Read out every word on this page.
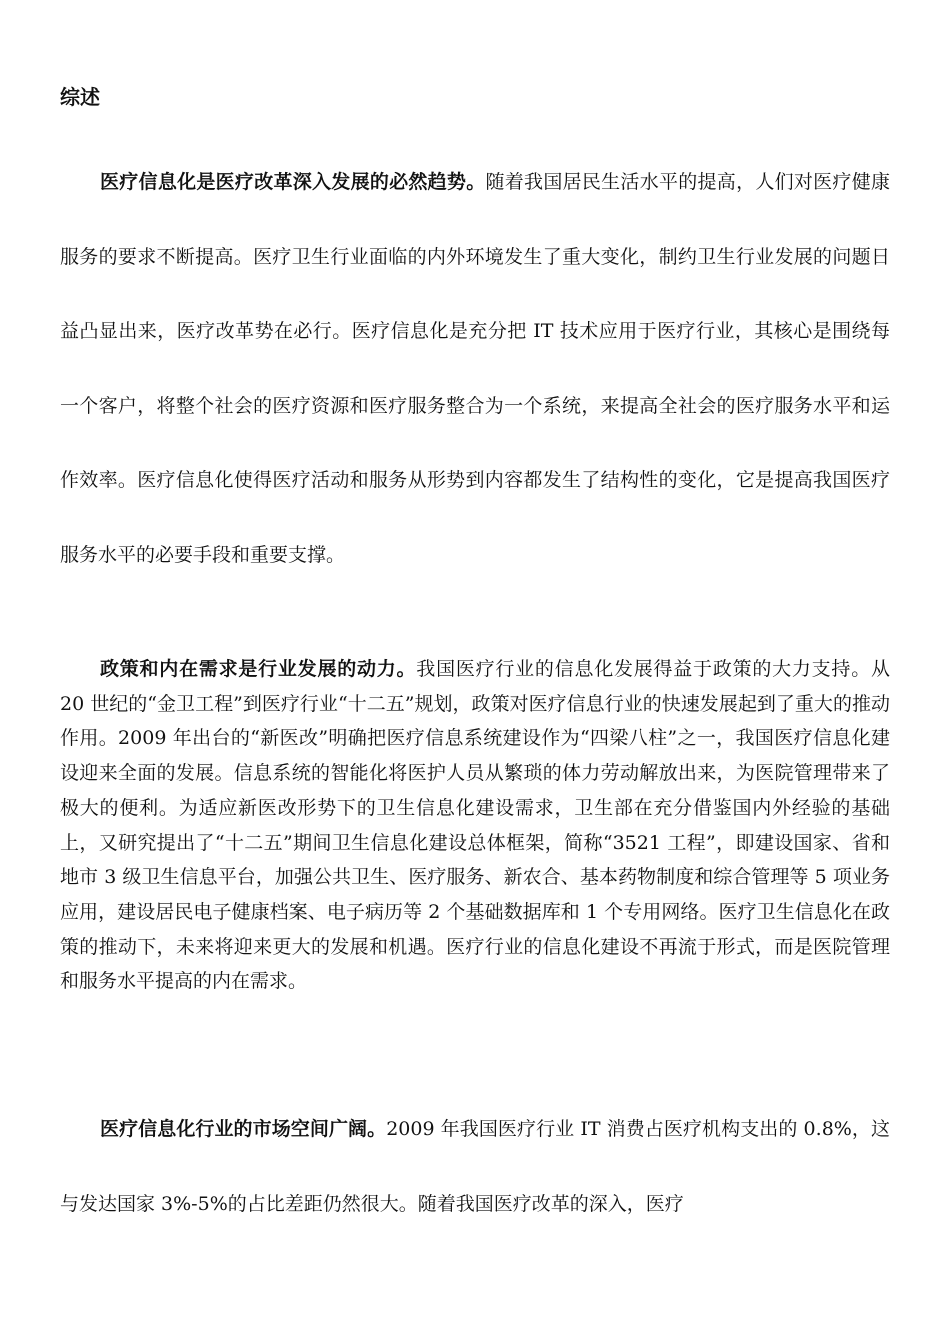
综述

医疗信息化是医疗改革深入发展的必然趋势。随着我国居民生活水平的提高，人们对医疗健康服务的要求不断提高。医疗卫生行业面临的内外环境发生了重大变化，制约卫生行业发展的问题日益凸显出来，医疗改革势在必行。医疗信息化是充分把 IT 技术应用于医疗行业，其核心是围绕每一个客户，将整个社会的医疗资源和医疗服务整合为一个系统，来提高全社会的医疗服务水平和运作效率。医疗信息化使得医疗活动和服务从形势到内容都发生了结构性的变化，它是提高我国医疗服务水平的必要手段和重要支撑。

政策和内在需求是行业发展的动力。我国医疗行业的信息化发展得益于政策的大力支持。从 20 世纪的“金卫工程”到医疗行业“十二五”规划，政策对医疗信息行业的快速发展起到了重大的推动作用。2009 年出台的“新医改”明确把医疗信息系统建设作为“四梁八柱”之一，我国医疗信息化建设迎来全面的发展。信息系统的智能化将医护人员从繁琐的体力劳动解放出来，为医院管理带来了极大的便利。为适应新医改形势下的卫生信息化建设需求，卫生部在充分借鉴国内外经验的基础上，又研究提出了“十二五”期间卫生信息化建设总体框架，简称“3521 工程”，即建设国家、省和地市 3 级卫生信息平台，加强公共卫生、医疗服务、新农合、基本药物制度和综合管理等 5 项业务应用，建设居民电子健康档案、电子病历等 2 个基础数据库和 1 个专用网络。医疗卫生信息化在政策的推动下，未来将迎来更大的发展和机遇。医疗行业的信息化建设不再流于形式，而是医院管理和服务水平提高的内在需求。

医疗信息化行业的市场空间广阔。2009 年我国医疗行业 IT 消费占医疗机构支出的 0.8%，这与发达国家 3%-5%的占比差距仍然很大。随着我国医疗改革的深入，医疗
